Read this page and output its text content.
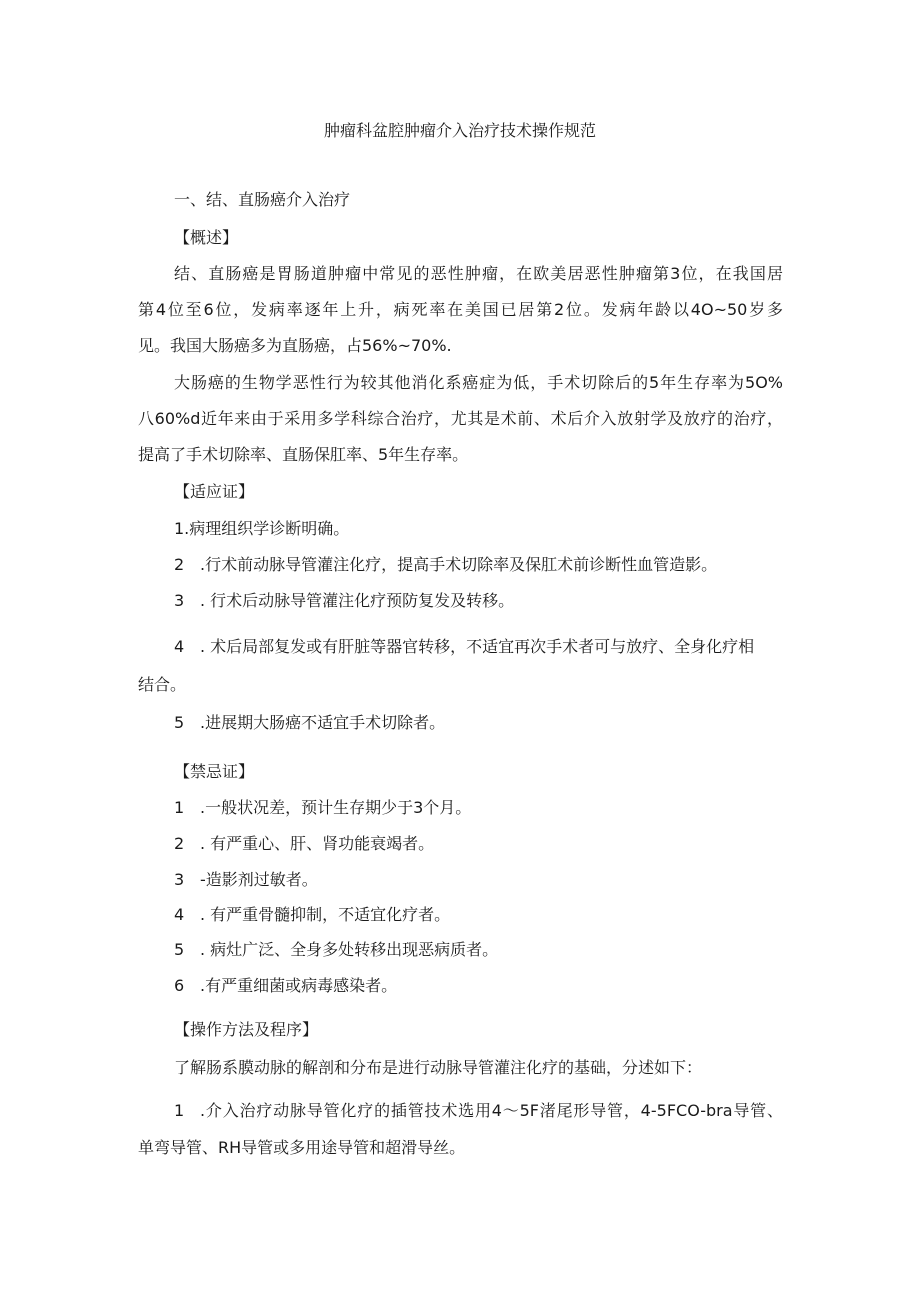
肿瘤科盆腔肿瘤介入治疗技术操作规范
一、结、直肠癌介入治疗
【概述】
结、直肠癌是胃肠道肿瘤中常见的恶性肿瘤，在欧美居恶性肿瘤第3位，在我国居
第4位至6位，发病率逐年上升，病死率在美国已居第2位。发病年龄以4O~50岁多
见。我国大肠癌多为直肠癌，占56%~70%.
大肠癌的生物学恶性行为较其他消化系癌症为低，手术切除后的5年生存率为5O%
八60%d近年来由于采用多学科综合治疗，尤其是术前、术后介入放射学及放疗的治疗，
提高了手术切除率、直肠保肛率、5年生存率。
【适应证】
1.病理组织学诊断明确。
2 .行术前动脉导管灌注化疗，提高手术切除率及保肛术前诊断性血管造影。
3 . 行术后动脉导管灌注化疗预防复发及转移。
4 . 术后局部复发或有肝脏等器官转移，不适宜再次手术者可与放疗、全身化疗相
结合。
5 .进展期大肠癌不适宜手术切除者。
【禁忌证】
1 .一般状况差，预计生存期少于3个月。
2 . 有严重心、肝、肾功能衰竭者。
3 -造影剂过敏者。
4 . 有严重骨髓抑制，不适宜化疗者。
5 . 病灶广泛、全身多处转移出现恶病质者。
6 .有严重细菌或病毒感染者。
【操作方法及程序】
了解肠系膜动脉的解剖和分布是进行动脉导管灌注化疗的基础，分述如下：
1 .介入治疗动脉导管化疗的插管技术选用4～5F渚尾形导管，4-5FCO-bra导管、
单弯导管、RH导管或多用途导管和超滑导丝。
